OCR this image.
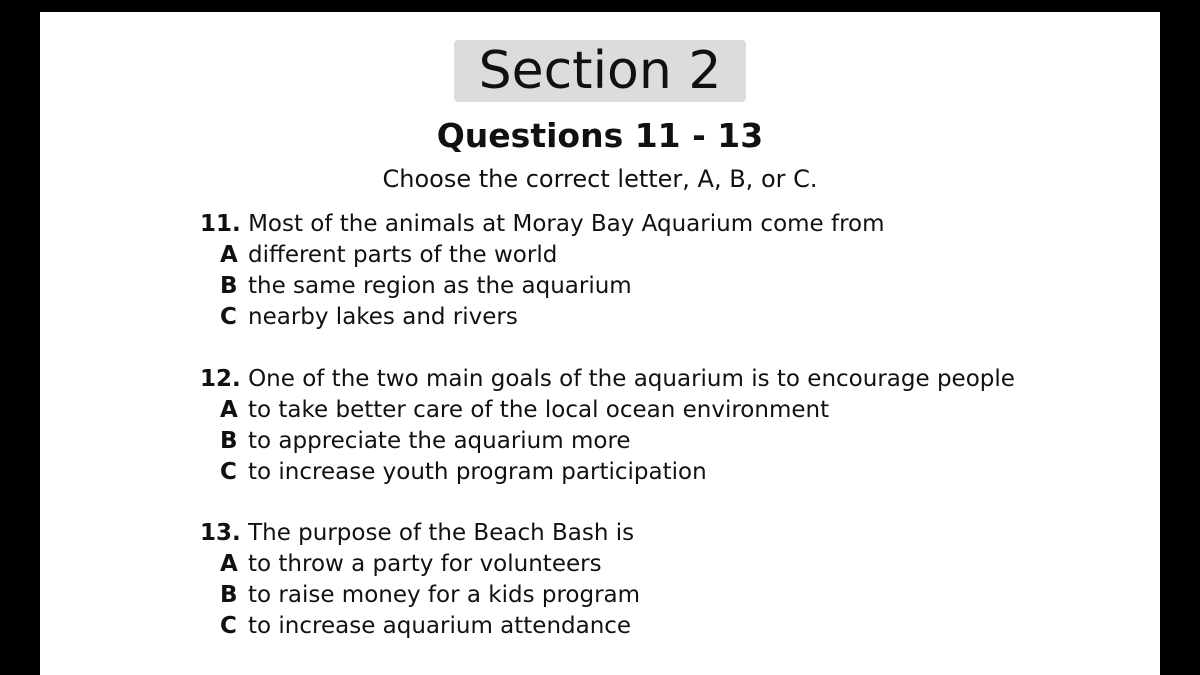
Section 2
Questions 11 - 13
Choose the correct letter, A, B, or C.
11. Most of the animals at Moray Bay Aquarium come from
A different parts of the world
B the same region as the aquarium
C nearby lakes and rivers
12. One of the two main goals of the aquarium is to encourage people
A to take better care of the local ocean environment
B to appreciate the aquarium more
C to increase youth program participation
13. The purpose of the Beach Bash is
A to throw a party for volunteers
B to raise money for a kids program
C to increase aquarium attendance
